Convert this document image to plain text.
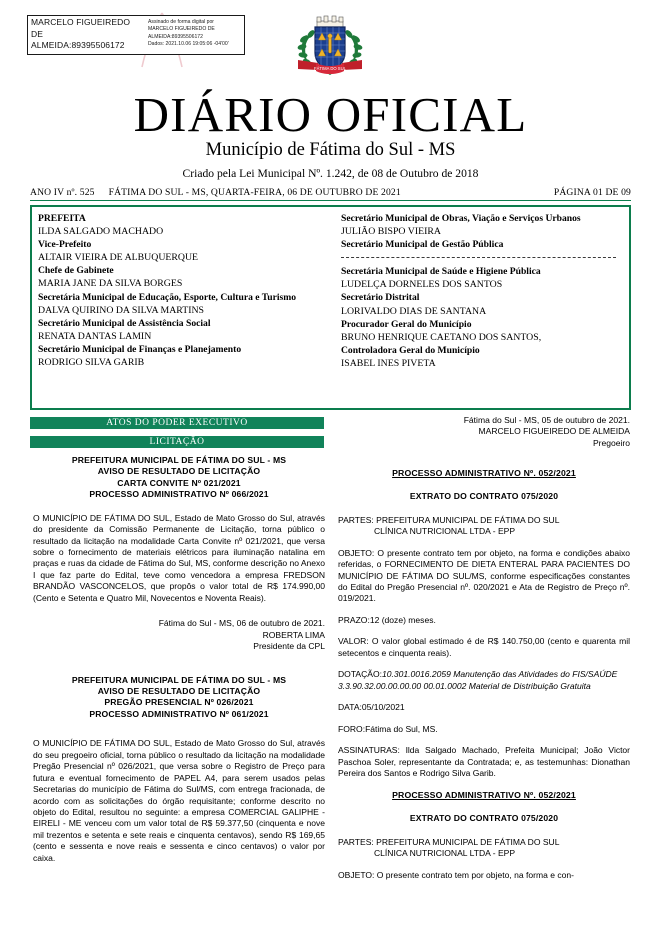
MARCELO FIGUEIREDO
DE
ALMEIDA:89395506172
Assinado de forma digital por
MARCELO FIGUEIREDO DE
ALMEIDA:89395506172
Dados: 2021.10.06 19:05:06 -04'00'
FÁTIMA DO SUL
DIÁRIO OFICIAL
Município de Fátima do Sul - MS
Criado pela Lei Municipal Nº. 1.242, de 08 de Outubro de 2018
ANO IV nº. 525	FÁTIMA DO SUL - MS, QUARTA-FEIRA, 06 DE OUTUBRO DE 2021	PÁGINA 01 DE 09
PREFEITA
ILDA SALGADO MACHADO
Vice-Prefeito
ALTAIR VIEIRA DE ALBUQUERQUE
Chefe de Gabinete
MARIA JANE DA SILVA BORGES
Secretária Municipal de Educação, Esporte, Cultura e Turismo
DALVA QUIRINO DA SILVA MARTINS
Secretário Municipal de Assistência Social
RENATA DANTAS LAMIN
Secretário Municipal de Finanças e Planejamento
RODRIGO SILVA GARIB
Secretário Municipal de Obras, Viação e Serviços Urbanos
JULIÃO BISPO VIEIRA
Secretário Municipal de Gestão Pública
Secretária Municipal de Saúde e Higiene Pública
LUDELÇA DORNELES DOS SANTOS
Secretário Distrital
LORIVALDO DIAS DE SANTANA
Procurador Geral do Município
BRUNO HENRIQUE CAETANO DOS SANTOS,
Controladora Geral do Município
ISABEL INES PIVETA
ATOS DO PODER EXECUTIVO
LICITAÇÃO
PREFEITURA MUNICIPAL DE FÁTIMA DO SUL - MS
AVISO DE RESULTADO DE LICITAÇÃO
CARTA CONVITE Nº 021/2021
PROCESSO ADMINISTRATIVO Nº 066/2021
O MUNICÍPIO DE FÁTIMA DO SUL, Estado de Mato Grosso do Sul, através do presidente da Comissão Permanente de Licitação, torna público o resultado da licitação na modalidade Carta Convite nº 021/2021, que versa sobre o fornecimento de materiais elétricos para iluminação natalina em praças e ruas da cidade de Fátima do Sul, MS, conforme descrição no Anexo I que faz parte do Edital, teve como vencedora a empresa FREDSON BRANDÃO VASCONCELOS, que propôs o valor total de R$ 174.990,00 (Cento e Setenta e Quatro Mil, Novecentos e Noventa Reais).
Fátima do Sul - MS, 06 de outubro de 2021.
ROBERTA LIMA
Presidente da CPL
PREFEITURA MUNICIPAL DE FÁTIMA DO SUL - MS
AVISO DE RESULTADO DE LICITAÇÃO
PREGÃO PRESENCIAL Nº 026/2021
PROCESSO ADMINISTRATIVO Nº 061/2021
O MUNICÍPIO DE FÁTIMA DO SUL, Estado de Mato Grosso do Sul, através do seu pregoeiro oficial, torna público o resultado da licitação na modalidade Pregão Presencial nº 026/2021, que versa sobre o Registro de Preço para futura e eventual fornecimento de PAPEL A4, para serem usados pelas Secretarias do município de Fátima do Sul/MS, com entrega fracionada, de acordo com as solicitações do órgão requisitante; conforme descrito no objeto do Edital, resultou no seguinte: a empresa COMERCIAL GALIPHE - EIRELI - ME venceu com um valor total de R$ 59.377,50 (cinquenta e nove mil trezentos e setenta e sete reais e cinquenta centavos), sendo R$ 169,65 (cento e sessenta e nove reais e sessenta e cinco centavos) o valor por caixa.
Fátima do Sul - MS, 05 de outubro de 2021.
MARCELO FIGUEIREDO DE ALMEIDA
Pregoeiro
PROCESSO ADMINISTRATIVO Nº. 052/2021
EXTRATO DO CONTRATO 075/2020
PARTES: PREFEITURA MUNICIPAL DE FÁTIMA DO SUL
CLÍNICA NUTRICIONAL LTDA - EPP
OBJETO: O presente contrato tem por objeto, na forma e condições abaixo referidas, o FORNECIMENTO DE DIETA ENTERAL PARA PACIENTES DO MUNICÍPIO DE FÁTIMA DO SUL/MS, conforme especificações constantes do Edital do Pregão Presencial nº. 020/2021 e Ata de Registro de Preço nº. 019/2021.
PRAZO:12 (doze) meses.
VALOR: O valor global estimado é de R$ 140.750,00 (cento e quarenta mil setecentos e cinquenta reais).
DOTAÇÃO:10.301.0016.2059 Manutenção das Atividades do FIS/SAÚDE
3.3.90.32.00.00.00.00 00.01.0002 Material de Distribuição Gratuita
DATA:05/10/2021
FORO:Fátima do Sul, MS.
ASSINATURAS: Ilda Salgado Machado, Prefeita Municipal; João Victor Paschoa Soler, representante da Contratada; e, as testemunhas: Dionathan Pereira dos Santos e Rodrigo Silva Garib.
PROCESSO ADMINISTRATIVO Nº. 052/2021
EXTRATO DO CONTRATO 075/2020
PARTES: PREFEITURA MUNICIPAL DE FÁTIMA DO SUL
CLÍNICA NUTRICIONAL LTDA - EPP
OBJETO: O presente contrato tem por objeto, na forma e con-
